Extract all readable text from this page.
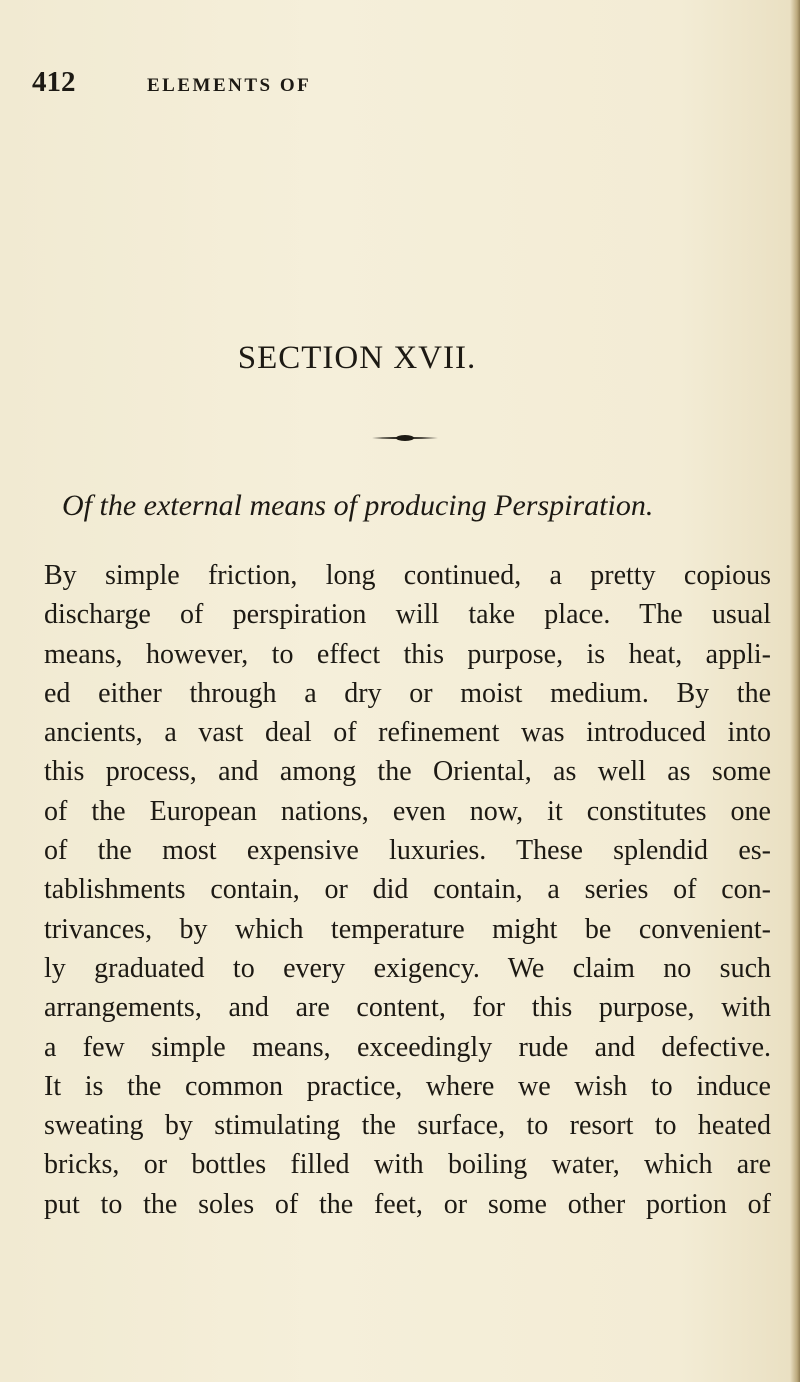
412	ELEMENTS OF
SECTION XVII.
Of the external means of producing Perspiration.
By simple friction, long continued, a pretty copious
discharge of perspiration will take place. The usual
means, however, to effect this purpose, is heat, appli-
ed either through a dry or moist medium. By the
ancients, a vast deal of refinement was introduced into
this process, and among the Oriental, as well as some
of the European nations, even now, it constitutes one
of the most expensive luxuries. These splendid es-
tablishments contain, or did contain, a series of con-
trivances, by which temperature might be convenient-
ly graduated to every exigency. We claim no such
arrangements, and are content, for this purpose, with
a few simple means, exceedingly rude and defective.
It is the common practice, where we wish to induce
sweating by stimulating the surface, to resort to heated
bricks, or bottles filled with boiling water, which are
put to the soles of the feet, or some other portion of
